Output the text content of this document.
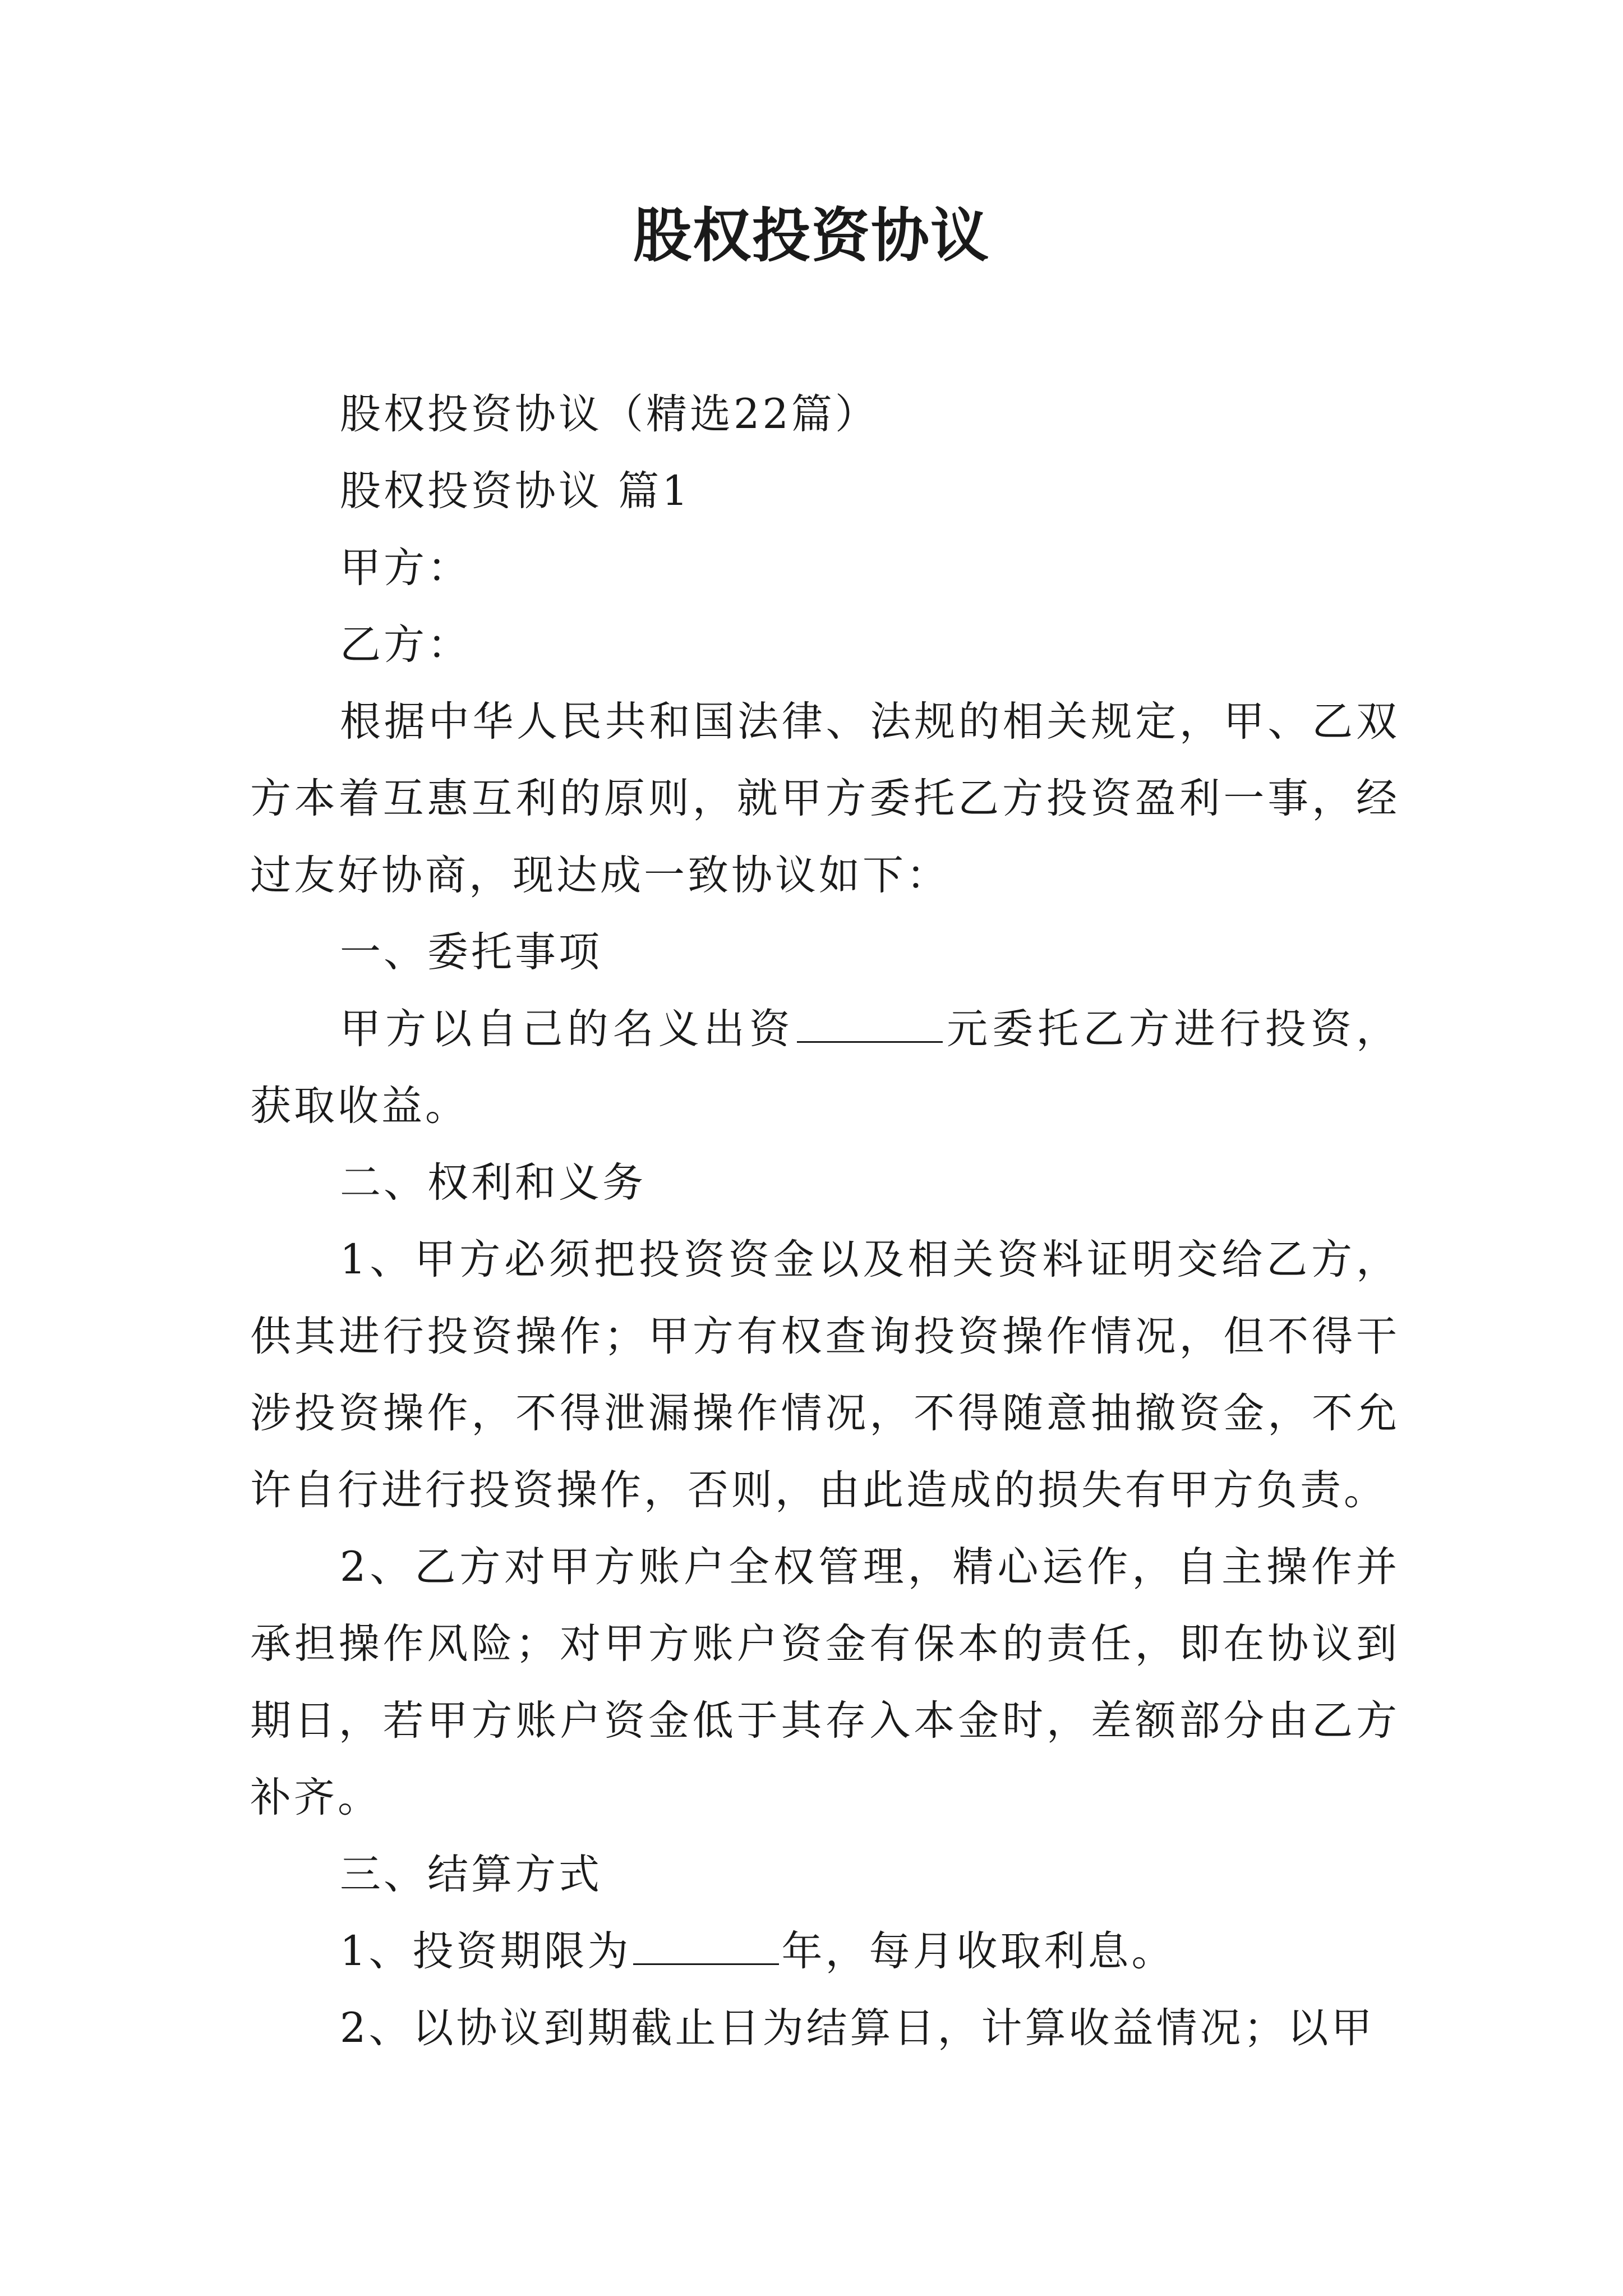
股权投资协议

股权投资协议（精选22篇）

股权投资协议 篇1

甲方：

乙方：

根据中华人民共和国法律、法规的相关规定，甲、乙双方本着互惠互利的原则，就甲方委托乙方投资盈利一事，经过友好协商，现达成一致协议如下：

一、委托事项

甲方以自己的名义出资	元委托乙方进行投资，获取收益。

二、权利和义务

1、甲方必须把投资资金以及相关资料证明交给乙方，供其进行投资操作；甲方有权查询投资操作情况，但不得干涉投资操作，不得泄漏操作情况，不得随意抽撤资金，不允许自行进行投资操作，否则，由此造成的损失有甲方负责。

2、乙方对甲方账户全权管理，精心运作，自主操作并承担操作风险；对甲方账户资金有保本的责任，即在协议到期日，若甲方账户资金低于其存入本金时，差额部分由乙方补齐。

三、结算方式

1、投资期限为	年，每月收取利息。

2、以协议到期截止日为结算日，计算收益情况；以甲
